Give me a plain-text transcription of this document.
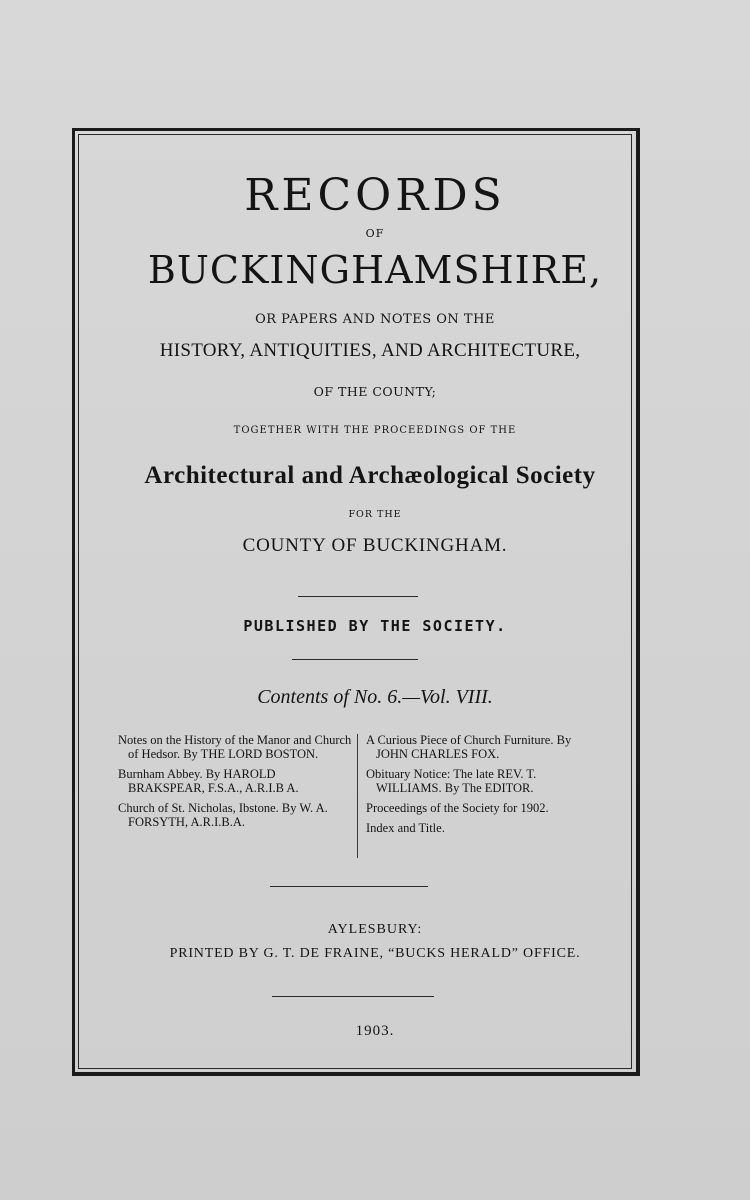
RECORDS
OF
BUCKINGHAMSHIRE,
OR PAPERS AND NOTES ON THE
HISTORY, ANTIQUITIES, AND ARCHITECTURE,
OF THE COUNTY;
TOGETHER WITH THE PROCEEDINGS OF THE
Architectural and Archæological Society
FOR THE
COUNTY OF BUCKINGHAM.
PUBLISHED BY THE SOCIETY.
Contents of No. 6.—Vol. VIII.
Notes on the History of the Manor and Church of Hedsor. By THE LORD BOSTON.
Burnham Abbey. By HAROLD BRAKSPEAR, F.S.A., A.R.I.B A.
Church of St. Nicholas, Ibstone. By W. A. FORSYTH, A.R.I.B.A.
A Curious Piece of Church Furniture. By JOHN CHARLES FOX.
Obituary Notice: The late REV. T. WILLIAMS. By The EDITOR.
Proceedings of the Society for 1902.
Index and Title.
AYLESBURY:
PRINTED BY G. T. DE FRAINE, “BUCKS HERALD” OFFICE.
1903.
